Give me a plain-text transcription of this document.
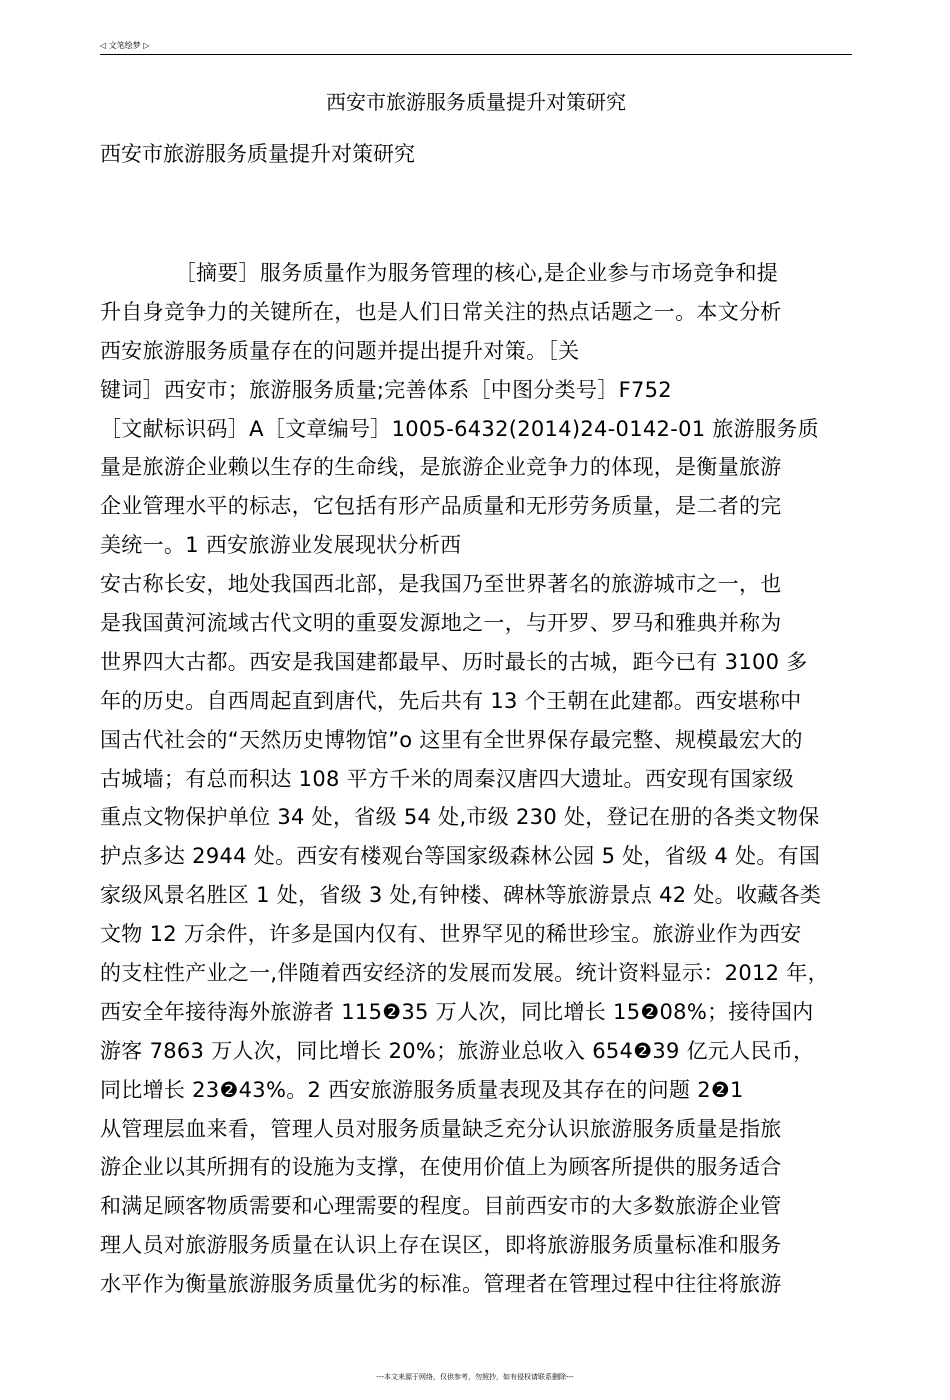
◁ 文笔绘梦 ▷
西安市旅游服务质量提升对策研究
西安市旅游服务质量提升对策研究
　　　　［摘要］服务质量作为服务管理的核心,是企业参与市场竞争和提
升自身竞争力的关键所在，也是人们日常关注的热点话题之一。本文分析
西安旅游服务质量存在的问题并提出提升对策。［关
键词］西安市；旅游服务质量;完善体系［中图分类号］F752
［文献标识码］A［文章编号］1005-6432(2014)24-0142-01 旅游服务质
量是旅游企业赖以生存的生命线，是旅游企业竞争力的体现，是衡量旅游
企业管理水平的标志，它包括有形产品质量和无形劳务质量，是二者的完
美统一。1 西安旅游业发展现状分析西
安古称长安，地处我国西北部，是我国乃至世界著名的旅游城市之一，也
是我国黄河流域古代文明的重耍发源地之一，与开罗、罗马和雅典并称为
世界四大古都。西安是我国建都最早、历时最长的古城，距今已有 3100 多
年的历史。自西周起直到唐代，先后共有 13 个王朝在此建都。西安堪称中
国古代社会的“天然历史博物馆”o 这里有全世界保存最完整、规模最宏大的
古城墙；有总而积达 108 平方千米的周秦汉唐四大遗址。西安现有国家级
重点文物保护单位 34 处，省级 54 处,市级 230 处，登记在册的各类文物保
护点多达 2944 处。西安有楼观台等国家级森林公园 5 处，省级 4 处。有国
家级风景名胜区 1 处，省级 3 处,有钟楼、碑林等旅游景点 42 处。收藏各类
文物 12 万余件，许多是国内仅有、世界罕见的稀世珍宝。旅游业作为西安
的支柱性产业之一,伴随着西安经济的发展而发展。统计资料显示：2012 年，
西安全年接待海外旅游者 115❷35 万人次，同比增长 15❷08%；接待国内
游客 7863 万人次，同比增长 20%；旅游业总收入 654❷39 亿元人民币，
同比增长 23❷43%。2 西安旅游服务质量表现及其存在的问题 2❷1
从管理层血来看，管理人员对服务质量缺乏充分认识旅游服务质量是指旅
游企业以其所拥有的设施为支撑，在使用价值上为顾客所提供的服务适合
和满足顾客物质需要和心理需要的程度。目前西安市的大多数旅游企业管
理人员对旅游服务质量在认识上存在误区，即将旅游服务质量标准和服务
水平作为衡量旅游服务质量优劣的标准。管理者在管理过程中往往将旅游
---本文来源于网络，仅供参考，勿照抄，如有侵权请联系删除---
